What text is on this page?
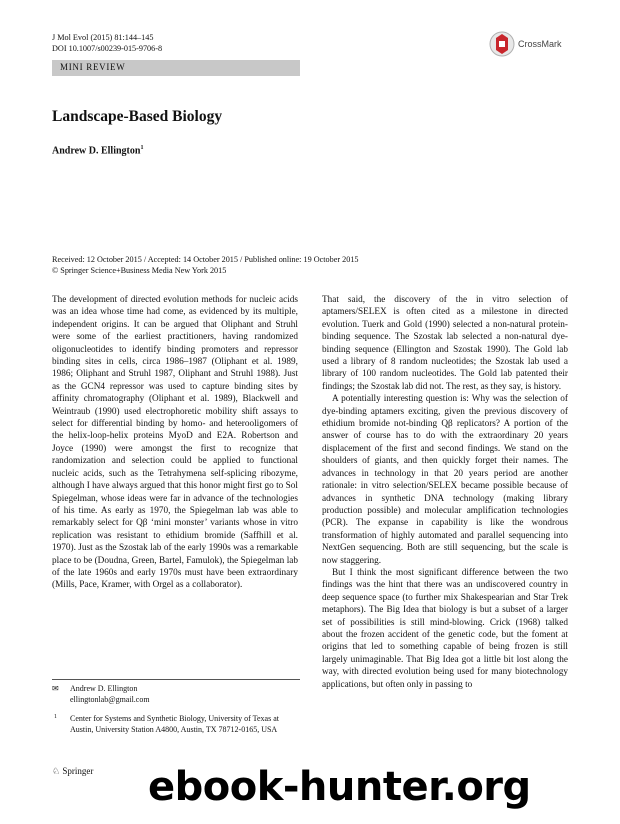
J Mol Evol (2015) 81:144–145
DOI 10.1007/s00239-015-9706-8	CrossMark
MINI REVIEW
Landscape-Based Biology
Andrew D. Ellington$^1$
Received: 12 October 2015 / Accepted: 14 October 2015 / Published online: 19 October 2015
© Springer Science+Business Media New York 2015

The development of directed evolution methods for nucleic acids was an idea whose time had come, as evidenced by its multiple, independent origins. It can be argued that Oliphant and Struhl were some of the earliest practitioners, having randomized oligonucleotides to identify binding promoters and repressor binding sites in cells, circa 1986–1987 (Oliphant et al. 1989, 1986; Oliphant and Struhl 1987, Oliphant and Struhl 1988). Just as the GCN4 repressor was used to capture binding sites by affinity chromatography (Oliphant et al. 1989), Blackwell and Weintraub (1990) used electrophoretic mobility shift assays to select for differential binding by homo- and heterooligomers of the helix-loop-helix proteins MyoD and E2A. Robertson and Joyce (1990) were amongst the first to recognize that randomization and selection could be applied to functional nucleic acids, such as the Tetrahymena self-splicing ribozyme, although I have always argued that this honor might first go to Sol Spiegelman, whose ideas were far in advance of the technologies of his time. As early as 1970, the Spiegelman lab was able to remarkably select for Qβ ‘mini monster’ variants whose in vitro replication was resistant to ethidium bromide (Saffhill et al. 1970). Just as the Szostak lab of the early 1990s was a remarkable place to be (Doudna, Green, Bartel, Famulok), the Spiegelman lab of the late 1960s and early 1970s must have been extraordinary (Mills, Pace, Kramer, with Orgel as a collaborator).

That said, the discovery of the in vitro selection of aptamers/SELEX is often cited as a milestone in directed evolution. Tuerk and Gold (1990) selected a non-natural protein-binding sequence. The Szostak lab selected a non-natural dye-binding sequence (Ellington and Szostak 1990). The Gold lab used a library of 8 random nucleotides; the Szostak lab used a library of 100 random nucleotides. The Gold lab patented their findings; the Szostak lab did not. The rest, as they say, is history.

A potentially interesting question is: Why was the selection of dye-binding aptamers exciting, given the previous discovery of ethidium bromide not-binding Qβ replicators? A portion of the answer of course has to do with the extraordinary 20 years displacement of the first and second findings. We stand on the shoulders of giants, and then quickly forget their names. The advances in technology in that 20 years period are another rationale: in vitro selection/SELEX became possible because of advances in synthetic DNA technology (making library production possible) and molecular amplification technologies (PCR). The expanse in capability is like the wondrous transformation of highly automated and parallel sequencing into NextGen sequencing. Both are still sequencing, but the scale is now staggering.

But I think the most significant difference between the two findings was the hint that there was an undiscovered country in deep sequence space (to further mix Shakespearian and Star Trek metaphors). The Big Idea that biology is but a subset of a larger set of possibilities is still mind-blowing. Crick (1968) talked about the frozen accident of the genetic code, but the foment at origins that led to something capable of being frozen is still largely unimaginable. That Big Idea got a little bit lost along the way, with directed evolution being used for many biotechnology applications, but often only in passing to

✉ Andrew D. Ellington
ellingtonlab@gmail.com
1 Center for Systems and Synthetic Biology, University of Texas at Austin, University Station A4800, Austin, TX 78712-0165, USA
♘ Springer ebook-hunter.org
